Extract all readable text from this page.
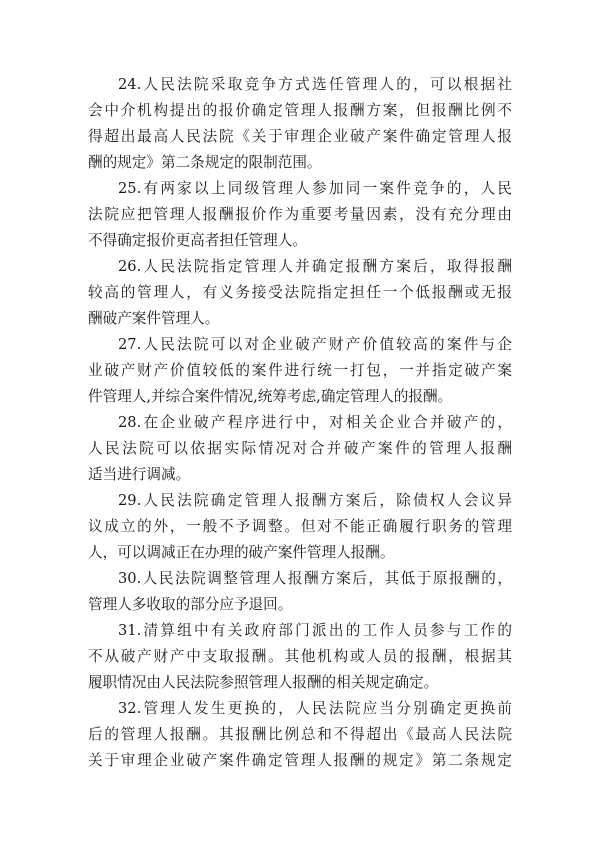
24.人民法院采取竞争方式选任管理人的，可以根据社
会中介机构提出的报价确定管理人报酬方案，但报酬比例不
得超出最高人民法院《关于审理企业破产案件确定管理人报
酬的规定》第二条规定的限制范围。
25.有两家以上同级管理人参加同一案件竞争的，人民
法院应把管理人报酬报价作为重要考量因素，没有充分理由
不得确定报价更高者担任管理人。
26.人民法院指定管理人并确定报酬方案后，取得报酬
较高的管理人，有义务接受法院指定担任一个低报酬或无报
酬破产案件管理人。
27.人民法院可以对企业破产财产价值较高的案件与企
业破产财产价值较低的案件进行统一打包，一并指定破产案
件管理人,并综合案件情况,统筹考虑,确定管理人的报酬。
28.在企业破产程序进行中，对相关企业合并破产的，
人民法院可以依据实际情况对合并破产案件的管理人报酬
适当进行调减。
29.人民法院确定管理人报酬方案后，除债权人会议异
议成立的外，一般不予调整。但对不能正确履行职务的管理
人，可以调减正在办理的破产案件管理人报酬。
30.人民法院调整管理人报酬方案后，其低于原报酬的，
管理人多收取的部分应予退回。
31.清算组中有关政府部门派出的工作人员参与工作的
不从破产财产中支取报酬。其他机构或人员的报酬，根据其
履职情况由人民法院参照管理人报酬的相关规定确定。
32.管理人发生更换的，人民法院应当分别确定更换前
后的管理人报酬。其报酬比例总和不得超出《最高人民法院
关于审理企业破产案件确定管理人报酬的规定》第二条规定
